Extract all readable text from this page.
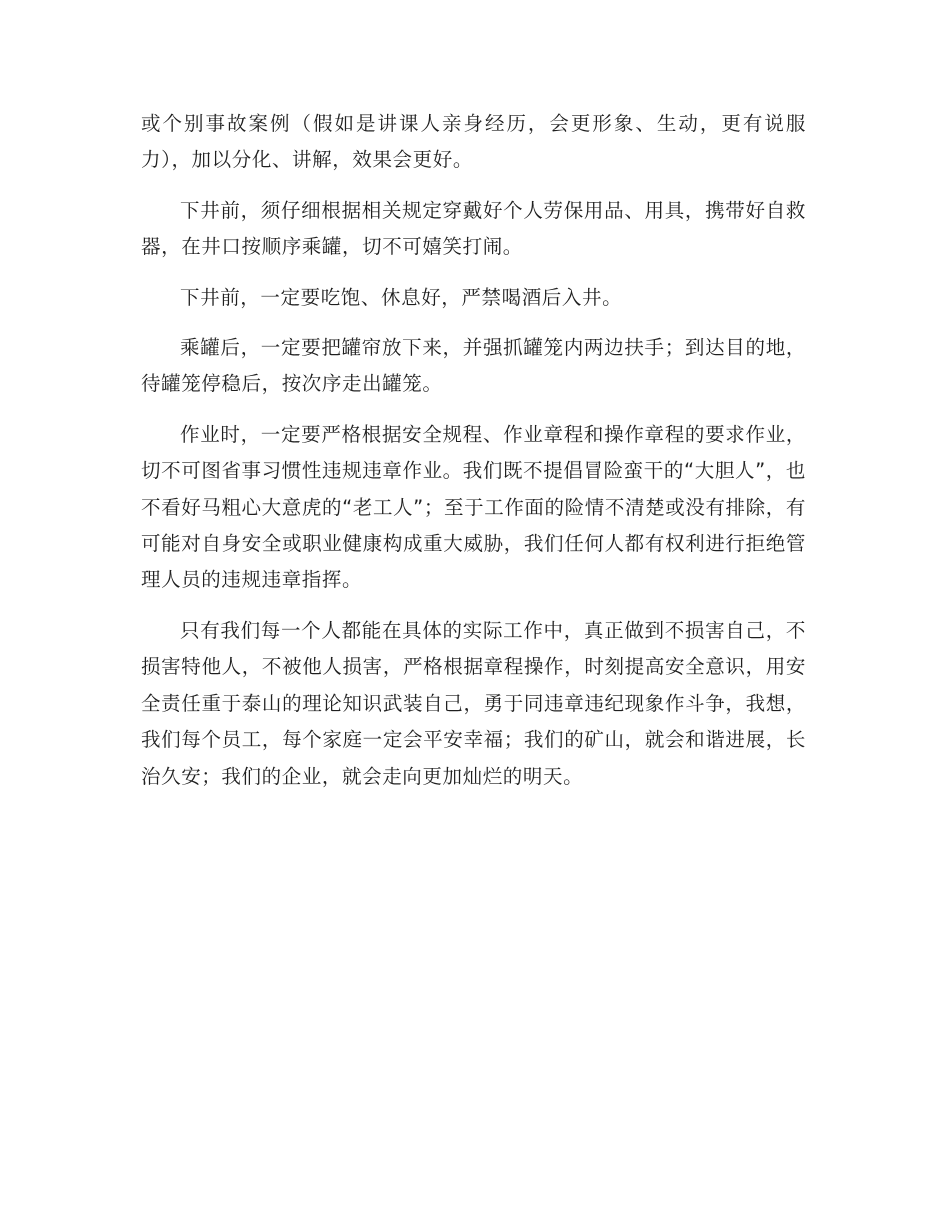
或个别事故案例（假如是讲课人亲身经历，会更形象、生动，更有说服力），加以分化、讲解，效果会更好。

下井前，须仔细根据相关规定穿戴好个人劳保用品、用具，携带好自救器，在井口按顺序乘罐，切不可嬉笑打闹。

下井前，一定要吃饱、休息好，严禁喝酒后入井。

乘罐后，一定要把罐帘放下来，并强抓罐笼内两边扶手；到达目的地，待罐笼停稳后，按次序走出罐笼。

作业时，一定要严格根据安全规程、作业章程和操作章程的要求作业，切不可图省事习惯性违规违章作业。我们既不提倡冒险蛮干的“大胆人”，也不看好马粗心大意虎的“老工人”；至于工作面的险情不清楚或没有排除，有可能对自身安全或职业健康构成重大威胁，我们任何人都有权利进行拒绝管理人员的违规违章指挥。

只有我们每一个人都能在具体的实际工作中，真正做到不损害自己，不损害特他人，不被他人损害，严格根据章程操作，时刻提高安全意识，用安全责任重于泰山的理论知识武装自己，勇于同违章违纪现象作斗争，我想，我们每个员工，每个家庭一定会平安幸福；我们的矿山，就会和谐进展，长治久安；我们的企业，就会走向更加灿烂的明天。
